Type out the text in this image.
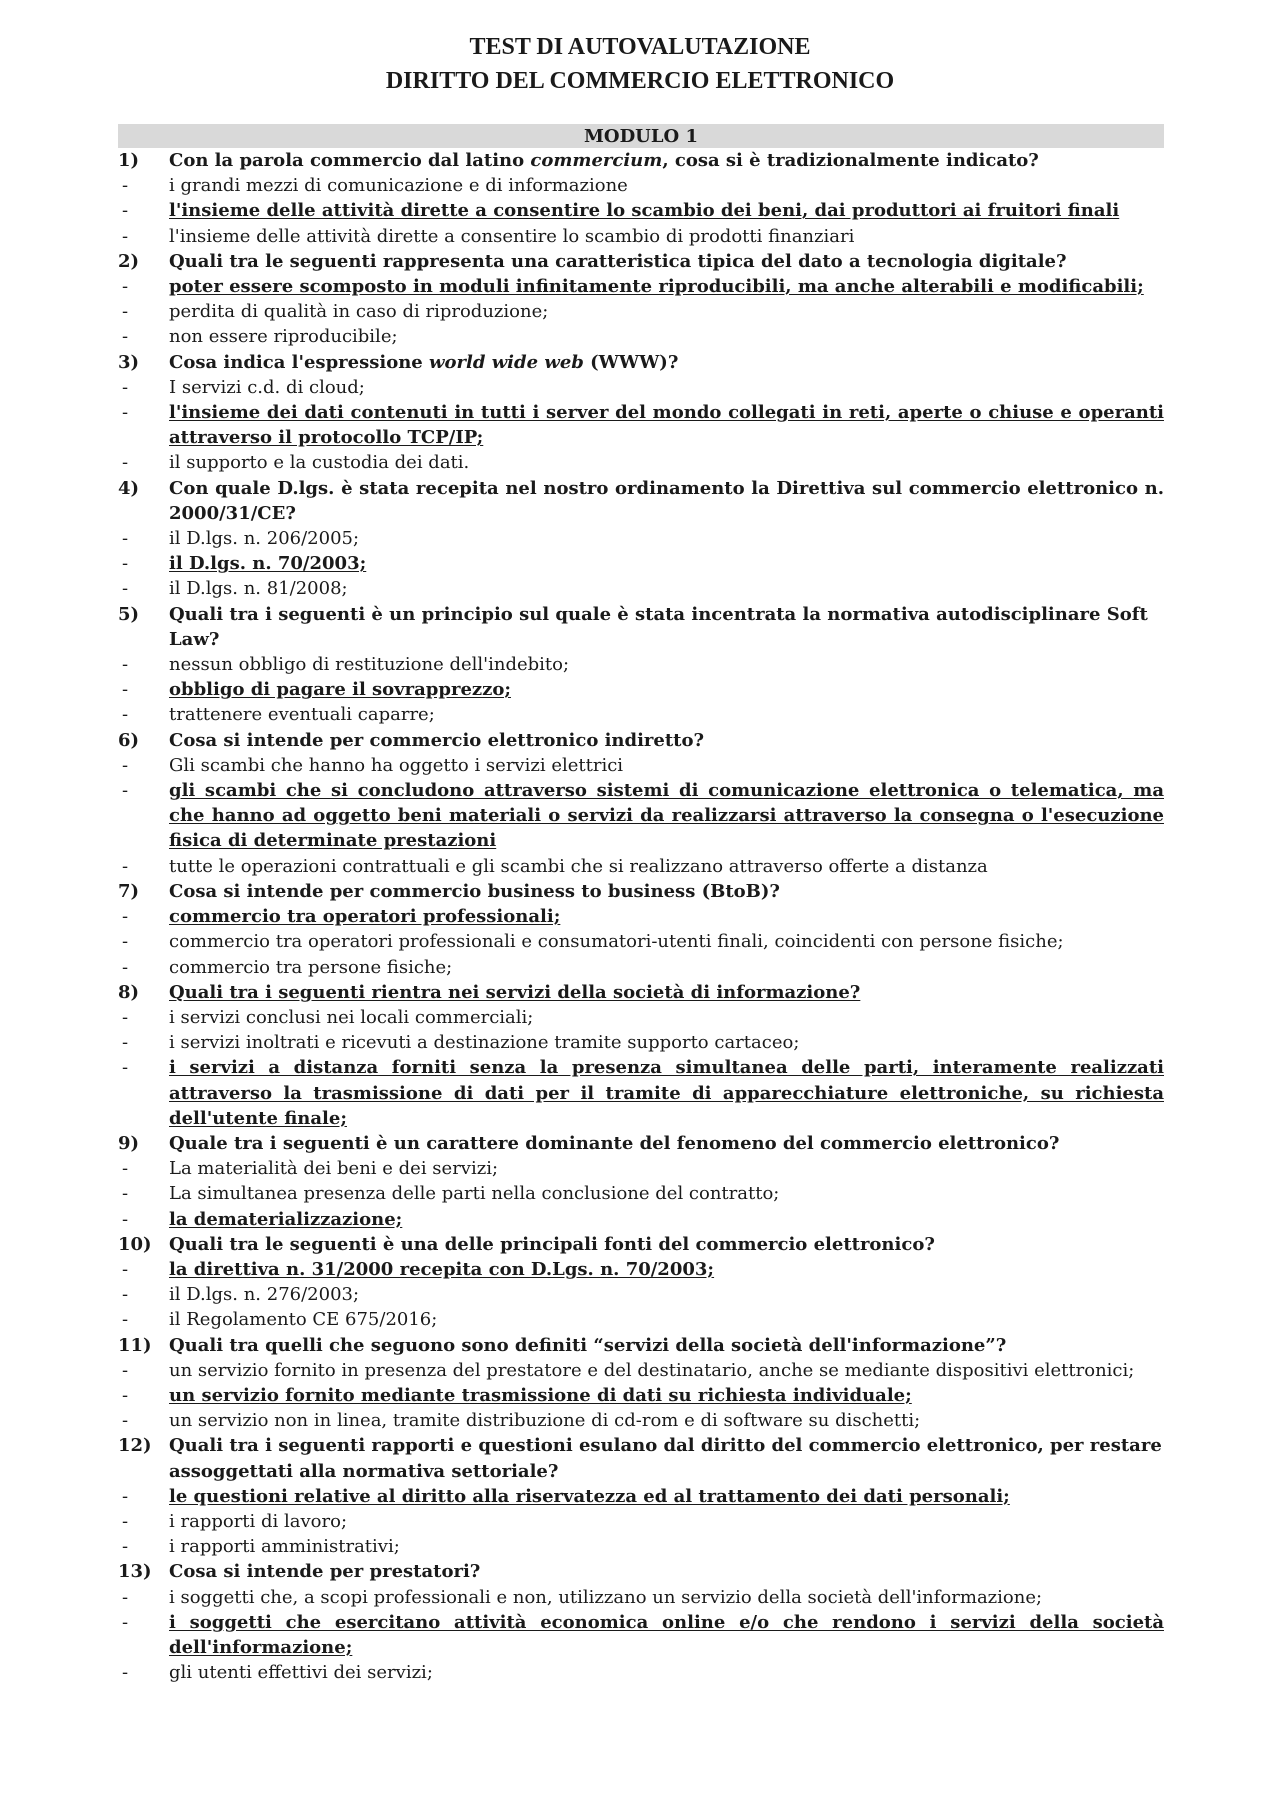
TEST DI AUTOVALUTAZIONE
DIRITTO DEL COMMERCIO ELETTRONICO
MODULO 1
1)	Con la parola commercio dal latino commercium, cosa si è tradizionalmente indicato?
-	i grandi mezzi di comunicazione e di informazione
-	l'insieme delle attività dirette a consentire lo scambio dei beni, dai produttori ai fruitori finali
-	l'insieme delle attività dirette a consentire lo scambio di prodotti finanziari
2)	Quali tra le seguenti rappresenta una caratteristica tipica del dato a tecnologia digitale?
-	poter essere scomposto in moduli infinitamente riproducibili, ma anche alterabili e modificabili;
-	perdita di qualità in caso di riproduzione;
-	non essere riproducibile;
3)	Cosa indica l'espressione world wide web (WWW)?
-	I servizi c.d. di cloud;
-	l'insieme dei dati contenuti in tutti i server del mondo collegati in reti, aperte o chiuse e operanti attraverso il protocollo TCP/IP;
-	il supporto e la custodia dei dati.
4)	Con quale D.lgs. è stata recepita nel nostro ordinamento la Direttiva sul commercio elettronico n. 2000/31/CE?
-	il D.lgs. n. 206/2005;
-	il D.lgs. n. 70/2003;
-	il D.lgs. n. 81/2008;
5)	Quali tra i seguenti è un principio sul quale è stata incentrata la normativa autodisciplinare Soft Law?
-	nessun obbligo di restituzione dell'indebito;
-	obbligo di pagare il sovrapprezzo;
-	trattenere eventuali caparre;
6)	Cosa si intende per commercio elettronico indiretto?
-	Gli scambi che hanno ha oggetto i servizi elettrici
-	gli scambi che si concludono attraverso sistemi di comunicazione elettronica o telematica, ma che hanno ad oggetto beni materiali o servizi da realizzarsi attraverso la consegna o l'esecuzione fisica di determinate prestazioni
-	tutte le operazioni contrattuali e gli scambi che si realizzano attraverso offerte a distanza
7)	Cosa si intende per commercio business to business (BtoB)?
-	commercio tra operatori professionali;
-	commercio tra operatori professionali e consumatori-utenti finali, coincidenti con persone fisiche;
-	commercio tra persone fisiche;
8)	Quali tra i seguenti rientra nei servizi della società di informazione?
-	i servizi conclusi nei locali commerciali;
-	i servizi inoltrati e ricevuti a destinazione tramite supporto cartaceo;
-	i servizi a distanza forniti senza la presenza simultanea delle parti, interamente realizzati attraverso la trasmissione di dati per il tramite di apparecchiature elettroniche, su richiesta dell'utente finale;
9)	Quale tra i seguenti è un carattere dominante del fenomeno del commercio elettronico?
-	La materialità dei beni e dei servizi;
-	La simultanea presenza delle parti nella conclusione del contratto;
-	la dematerializzazione;
10) Quali tra le seguenti è una delle principali fonti del commercio elettronico?
-	la direttiva n. 31/2000 recepita con D.Lgs. n. 70/2003;
-	il D.lgs. n. 276/2003;
-	il Regolamento CE 675/2016;
11) Quali tra quelli che seguono sono definiti “servizi della società dell'informazione”?
-	un servizio fornito in presenza del prestatore e del destinatario, anche se mediante dispositivi elettronici;
-	un servizio fornito mediante trasmissione di dati su richiesta individuale;
-	un servizio non in linea, tramite distribuzione di cd-rom e di software su dischetti;
12) Quali tra i seguenti rapporti e questioni esulano dal diritto del commercio elettronico, per restare assoggettati alla normativa settoriale?
-	le questioni relative al diritto alla riservatezza ed al trattamento dei dati personali;
-	i rapporti di lavoro;
-	i rapporti amministrativi;
13) Cosa si intende per prestatori?
-	i soggetti che, a scopi professionali e non, utilizzano un servizio della società dell'informazione;
-	i soggetti che esercitano attività economica online e/o che rendono i servizi della società dell'informazione;
-	gli utenti effettivi dei servizi;
